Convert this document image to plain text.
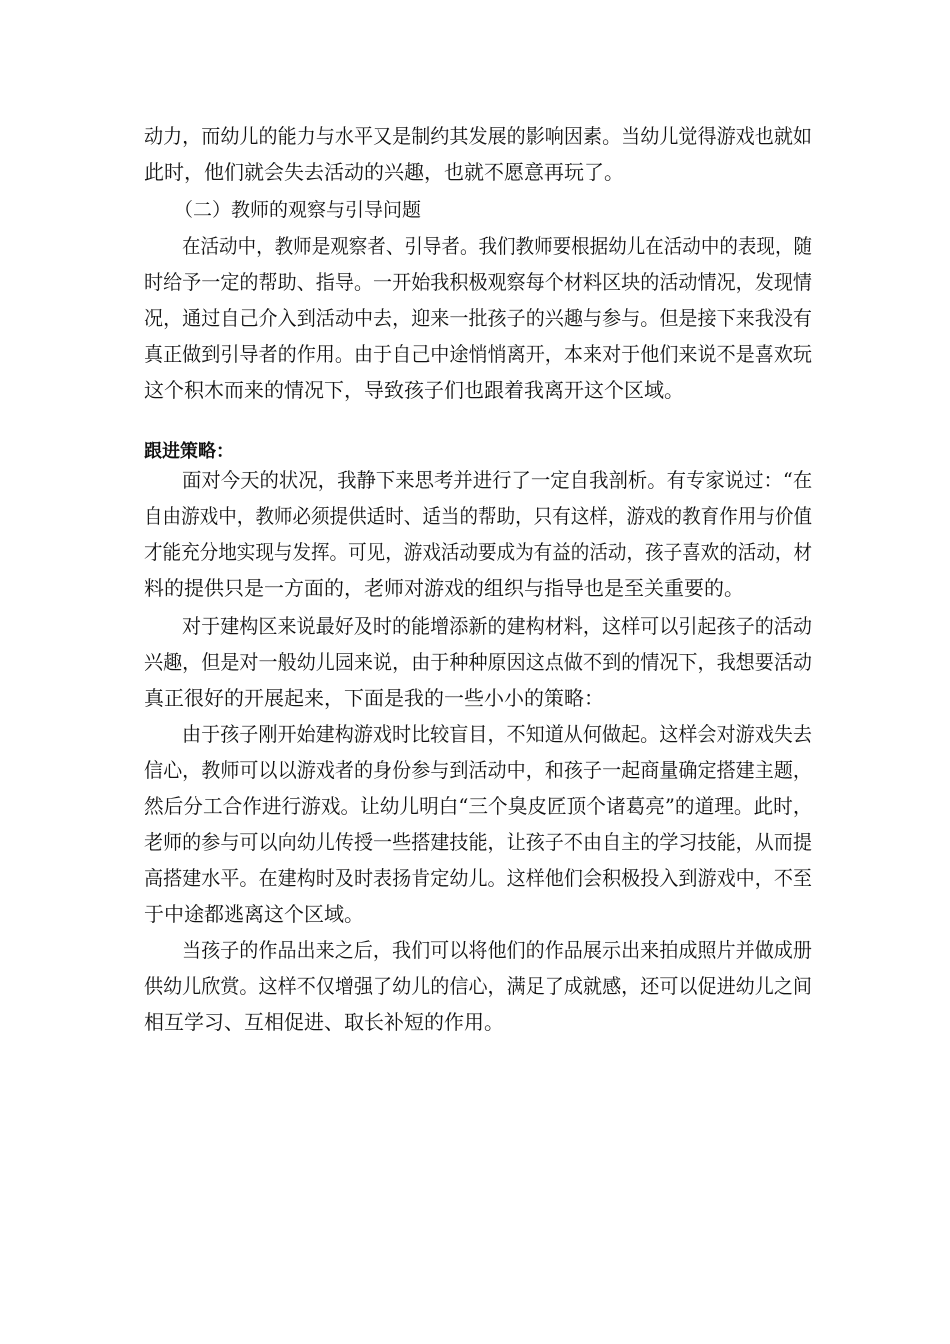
动力，而幼儿的能力与水平又是制约其发展的影响因素。当幼儿觉得游戏也就如
此时，他们就会失去活动的兴趣，也就不愿意再玩了。
（二）教师的观察与引导问题
在活动中，教师是观察者、引导者。我们教师要根据幼儿在活动中的表现，随
时给予一定的帮助、指导。一开始我积极观察每个材料区块的活动情况，发现情
况，通过自己介入到活动中去，迎来一批孩子的兴趣与参与。但是接下来我没有
真正做到引导者的作用。由于自己中途悄悄离开，本来对于他们来说不是喜欢玩
这个积木而来的情况下，导致孩子们也跟着我离开这个区域。
跟进策略：
面对今天的状况，我静下来思考并进行了一定自我剖析。有专家说过：“在
自由游戏中，教师必须提供适时、适当的帮助，只有这样，游戏的教育作用与价值
才能充分地实现与发挥。可见，游戏活动要成为有益的活动，孩子喜欢的活动，材
料的提供只是一方面的，老师对游戏的组织与指导也是至关重要的。
对于建构区来说最好及时的能增添新的建构材料，这样可以引起孩子的活动
兴趣，但是对一般幼儿园来说，由于种种原因这点做不到的情况下，我想要活动
真正很好的开展起来，下面是我的一些小小的策略：
由于孩子刚开始建构游戏时比较盲目，不知道从何做起。这样会对游戏失去
信心，教师可以以游戏者的身份参与到活动中，和孩子一起商量确定搭建主题，
然后分工合作进行游戏。让幼儿明白“三个臭皮匠顶个诸葛亮”的道理。此时，
老师的参与可以向幼儿传授一些搭建技能，让孩子不由自主的学习技能，从而提
高搭建水平。在建构时及时表扬肯定幼儿。这样他们会积极投入到游戏中，不至
于中途都逃离这个区域。
当孩子的作品出来之后，我们可以将他们的作品展示出来拍成照片并做成册
供幼儿欣赏。这样不仅增强了幼儿的信心，满足了成就感，还可以促进幼儿之间
相互学习、互相促进、取长补短的作用。
